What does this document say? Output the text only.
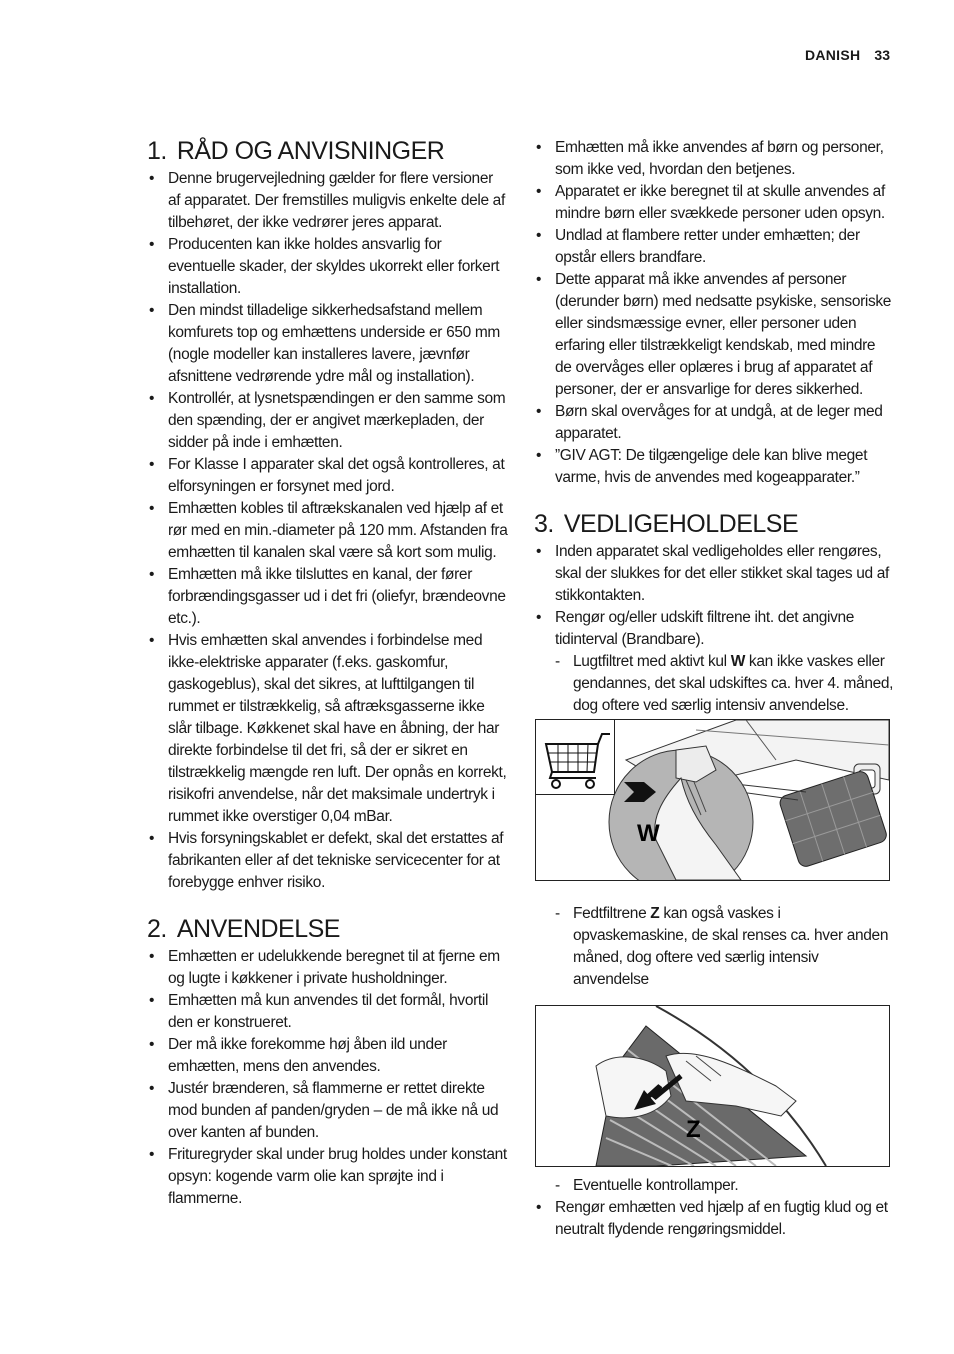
DANISH 33
1. RÅD OG ANVISNINGER
• Denne brugervejledning gælder for flere versioner af apparatet. Der fremstilles muligvis enkelte dele af tilbehøret, der ikke vedrører jeres apparat.
• Producenten kan ikke holdes ansvarlig for eventuelle skader, der skyldes ukorrekt eller forkert installation.
• Den mindst tilladelige sikkerhedsafstand mellem komfurets top og emhættens underside er 650 mm (nogle modeller kan installeres lavere, jævnfør afsnittene vedrørende ydre mål og installation).
• Kontrollér, at lysnetspændingen er den samme som den spænding, der er angivet mærkepladen, der sidder på inde i emhætten.
• For Klasse I apparater skal det også kontrolleres, at elforsyningen er forsynet med jord.
• Emhætten kobles til aftrækskanalen ved hjælp af et rør med en min.-diameter på 120 mm. Afstanden fra emhætten til kanalen skal være så kort som mulig.
• Emhætten må ikke tilsluttes en kanal, der fører forbrændingsgasser ud i det fri (oliefyr, brændeovne etc.).
• Hvis emhætten skal anvendes i forbindelse med ikke-elektriske apparater (f.eks. gaskomfur, gaskogeblus), skal det sikres, at lufttilgangen til rummet er tilstrækkelig, så aftræksgasserne ikke slår tilbage. Køkkenet skal have en åbning, der har direkte forbindelse til det fri, så der er sikret en tilstrækkelig mængde ren luft. Der opnås en korrekt, risikofri anvendelse, når det maksimale undertryk i rummet ikke overstiger 0,04 mBar.
• Hvis forsyningskablet er defekt, skal det erstattes af fabrikanten eller af det tekniske servicecenter for at forebygge enhver risiko.
2. ANVENDELSE
• Emhætten er udelukkende beregnet til at fjerne em og lugte i køkkener i private husholdninger.
• Emhætten må kun anvendes til det formål, hvortil den er konstrueret.
• Der må ikke forekomme høj åben ild under emhætten, mens den anvendes.
• Justér brænderen, så flammerne er rettet direkte mod bunden af panden/gryden – de må ikke nå ud over kanten af bunden.
• Frituregryder skal under brug holdes under konstant opsyn: kogende varm olie kan sprøjte ind i flammerne.
• Emhætten må ikke anvendes af børn og personer, som ikke ved, hvordan den betjenes.
• Apparatet er ikke beregnet til at skulle anvendes af mindre børn eller svækkede personer uden opsyn.
• Undlad at flambere retter under emhætten; der opstår ellers brandfare.
• Dette apparat må ikke anvendes af personer (derunder børn) med nedsatte psykiske, sensoriske eller sindsmæssige evner, eller personer uden erfaring eller tilstrækkeligt kendskab, med mindre de overvåges eller oplæres i brug af apparatet af personer, der er ansvarlige for deres sikkerhed.
• Børn skal overvåges for at undgå, at de leger med apparatet.
• ”GIV AGT: De tilgængelige dele kan blive meget varme, hvis de anvendes med kogeapparater.”
3. VEDLIGEHOLDELSE
• Inden apparatet skal vedligeholdes eller rengøres, skal der slukkes for det eller stikket skal tages ud af stikkontakten.
• Rengør og/eller udskift filtrene iht. det angivne tidinterval (Brandbare).
- Lugtfiltret med aktivt kul W kan ikke vaskes eller gendannes, det skal udskiftes ca. hver 4. måned, dog oftere ved særlig intensiv anvendelse.
W
- Fedtfiltrene Z kan også vaskes i opvaskemaskine, de skal renses ca. hver anden måned, dog oftere ved særlig intensiv anvendelse
Z
- Eventuelle kontrollamper.
• Rengør emhætten ved hjælp af en fugtig klud og et neutralt flydende rengøringsmiddel.
